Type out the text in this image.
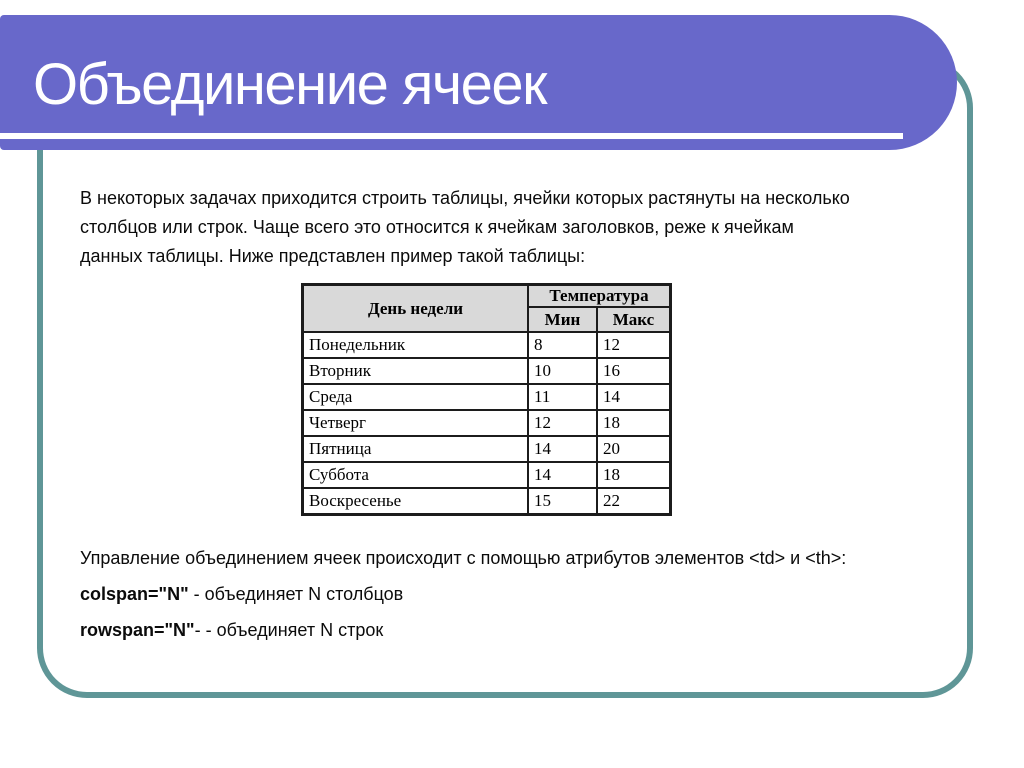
Объединение ячеек
В некоторых задачах приходится строить таблицы, ячейки которых растянуты на несколько
столбцов или строк. Чаще всего это относится к ячейкам заголовков, реже к ячейкам
данных таблицы. Ниже представлен пример такой таблицы:
День недели	Температура	
	Мин	Макс
Понедельник	8	12
Вторник	10	16
Среда	11	14
Четверг	12	18
Пятница	14	20
Суббота	14	18
Воскресенье	15	22
Управление объединением ячеек происходит с помощью атрибутов элементов <td> и <th>:
colspan="N" - объединяет N столбцов
rowspan="N"- - объединяет N строк
